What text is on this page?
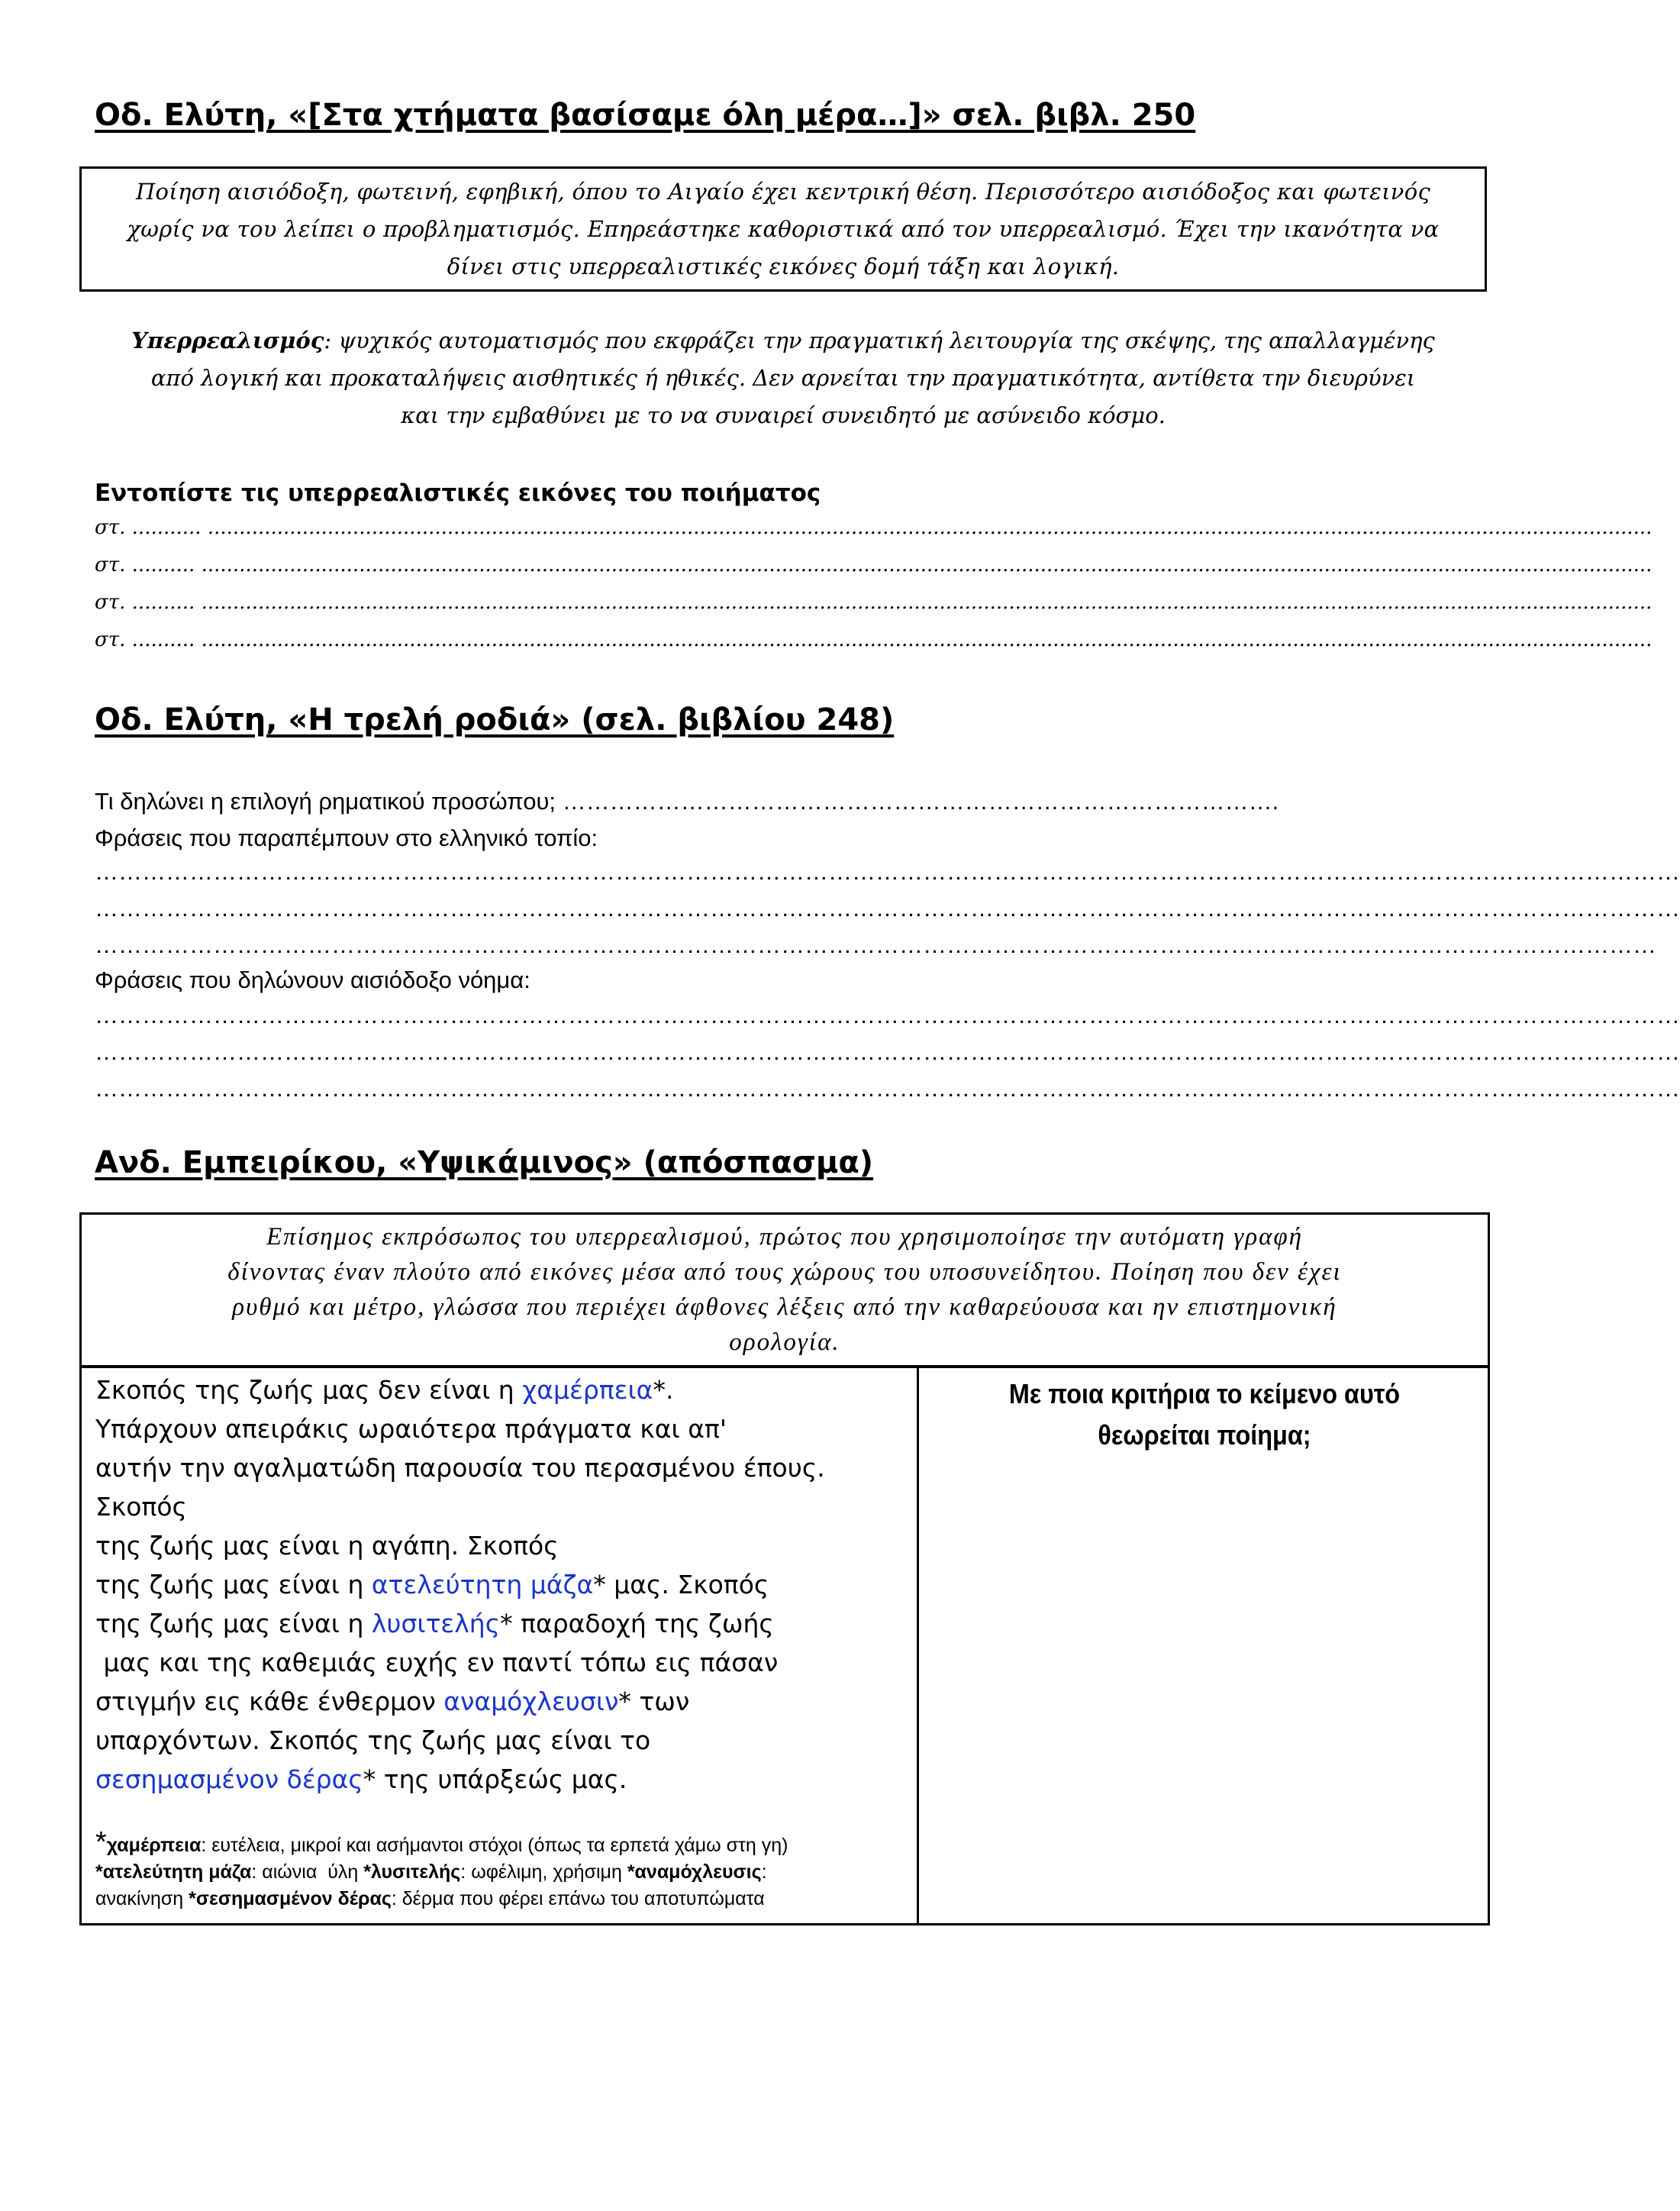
Οδ. Ελύτη, «[Στα χτήματα βασίσαμε όλη μέρα…]» σελ. βιβλ. 250
Ποίηση αισιόδοξη, φωτεινή, εφηβική, όπου το Αιγαίο έχει κεντρική θέση. Περισσότερο αισιόδοξος και φωτεινός
χωρίς να του λείπει ο προβληματισμός. Επηρεάστηκε καθοριστικά από τον υπερρεαλισμό. Έχει την ικανότητα να
δίνει στις υπερρεαλιστικές εικόνες δομή τάξη και λογική.
Υπερρεαλισμός: ψυχικός αυτοματισμός που εκφράζει την πραγματική λειτουργία της σκέψης, της απαλλαγμένης
από λογική και προκαταλήψεις αισθητικές ή ηθικές. Δεν αρνείται την πραγματικότητα, αντίθετα την διευρύνει
και την εμβαθύνει με το να συναιρεί συνειδητό με ασύνειδο κόσμο.
Εντοπίστε τις υπερρεαλιστικές εικόνες του ποιήματος
στ. ........... .....................................................................................................................................................................................................................................
στ. .......... ......................................................................................................................................................................................................................................
στ. .......... ......................................................................................................................................................................................................................................
στ. .......... ......................................................................................................................................................................................................................................
Οδ. Ελύτη, «Η τρελή ροδιά» (σελ. βιβλίου 248)
Τι δηλώνει η επιλογή ρηματικού προσώπου; ……………………………………………………………………………….
Φράσεις που παραπέμπουν στο ελληνικό τοπίο:
…………………………………………………………………………………………………………………………………………………………………………………
…………………………………………………………………………………………………………………………………………………………………………………
………………………………………………………………………………………………………………………………………………………………………………
Φράσεις που δηλώνουν αισιόδοξο νόημα:
…………………………………………………………………………………………………………………………………………………………………………………
…………………………………………………………………………………………………………………………………………………………………………………
…………………………………………………………………………………………………………………………………………………………………………………
Ανδ. Εμπειρίκου, «Υψικάμινος» (απόσπασμα)
Επίσημος εκπρόσωπος του υπερρεαλισμού, πρώτος που χρησιμοποίησε την αυτόματη γραφή
δίνοντας έναν πλούτο από εικόνες μέσα από τους χώρους του υποσυνείδητου. Ποίηση που δεν έχει
ρυθμό και μέτρο, γλώσσα που περιέχει άφθονες λέξεις από την καθαρεύουσα και ην επιστημονική
ορολογία.
Σκοπός της ζωής μας δεν είναι η χαμέρπεια*.
Υπάρχουν απειράκις ωραιότερα πράγματα και απ'
αυτήν την αγαλματώδη παρουσία του περασμένου έπους.
Σκοπός
της ζωής μας είναι η αγάπη. Σκοπός
της ζωής μας είναι η ατελεύτητη μάζα* μας. Σκοπός
της ζωής μας είναι η λυσιτελής* παραδοχή της ζωής
μας και της καθεμιάς ευχής εν παντί τόπω εις πάσαν
στιγμήν εις κάθε ένθερμον αναμόχλευσιν* των
υπαρχόντων. Σκοπός της ζωής μας είναι το
σεσημασμένον δέρας* της υπάρξεώς μας.
*χαμέρπεια: ευτέλεια, μικροί και ασήμαντοι στόχοι (όπως τα ερπετά χάμω στη γη)
*ατελεύτητη μάζα: αιώνια  ύλη *λυσιτελής: ωφέλιμη, χρήσιμη *αναμόχλευσις:
ανακίνηση *σεσημασμένον δέρας: δέρμα που φέρει επάνω του αποτυπώματα
Με ποια κριτήρια το κείμενο αυτό
θεωρείται ποίημα;
